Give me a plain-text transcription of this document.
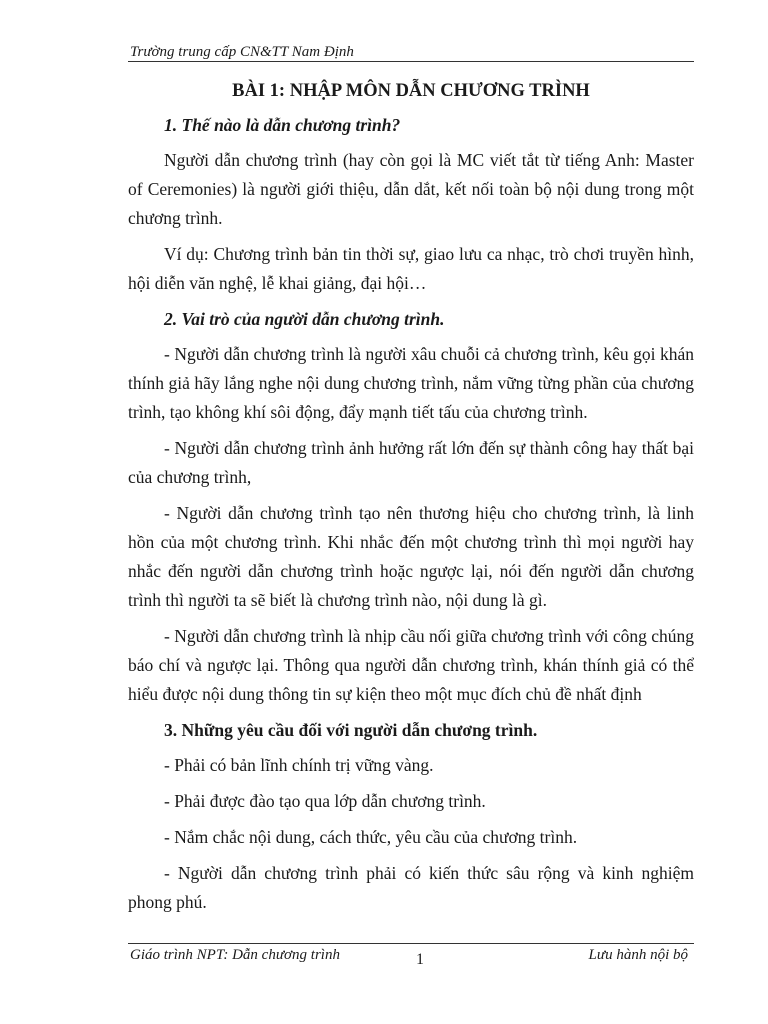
Trường trung cấp CN&TT Nam Định
BÀI 1: NHẬP MÔN DẪN CHƯƠNG TRÌNH
1. Thế nào là dẫn chương trình?
Người dẫn chương trình (hay còn gọi là MC viết tắt từ tiếng Anh: Master of Ceremonies) là người giới thiệu, dẫn dắt, kết nối toàn bộ nội dung trong một chương trình.
Ví dụ: Chương trình bản tin thời sự, giao lưu ca nhạc, trò chơi truyền hình, hội diễn văn nghệ, lễ khai giảng, đại hội…
2. Vai trò của người dẫn chương trình.
- Người dẫn chương trình là người xâu chuỗi cả chương trình, kêu gọi khán thính giả hãy lắng nghe nội dung chương trình, nắm vững từng phần của chương trình, tạo không khí sôi động, đẩy mạnh tiết tấu của chương trình.
- Người dẫn chương trình ảnh hưởng rất lớn đến sự thành công hay thất bại của chương trình,
- Người dẫn chương trình tạo nên thương hiệu cho chương trình, là linh hồn của một chương trình. Khi nhắc đến một chương trình thì mọi người hay nhắc đến người dẫn chương trình hoặc ngược lại, nói đến người dẫn chương trình thì người ta sẽ biết là chương trình nào, nội dung là gì.
- Người dẫn chương trình là nhịp cầu nối giữa chương trình với công chúng báo chí và ngược lại. Thông qua người dẫn chương trình, khán thính giả có thể hiểu được nội dung thông tin sự kiện theo một mục đích chủ đề nhất định
3. Những yêu cầu đối với người dẫn chương trình.
- Phải có bản lĩnh chính trị vững vàng.
- Phải được đào tạo qua lớp dẫn chương trình.
- Nắm chắc nội dung, cách thức, yêu cầu của chương trình.
- Người dẫn chương trình phải có kiến thức sâu rộng và kinh nghiệm phong phú.
Giáo trình NPT: Dẫn chương trình	1	Lưu hành nội bộ
